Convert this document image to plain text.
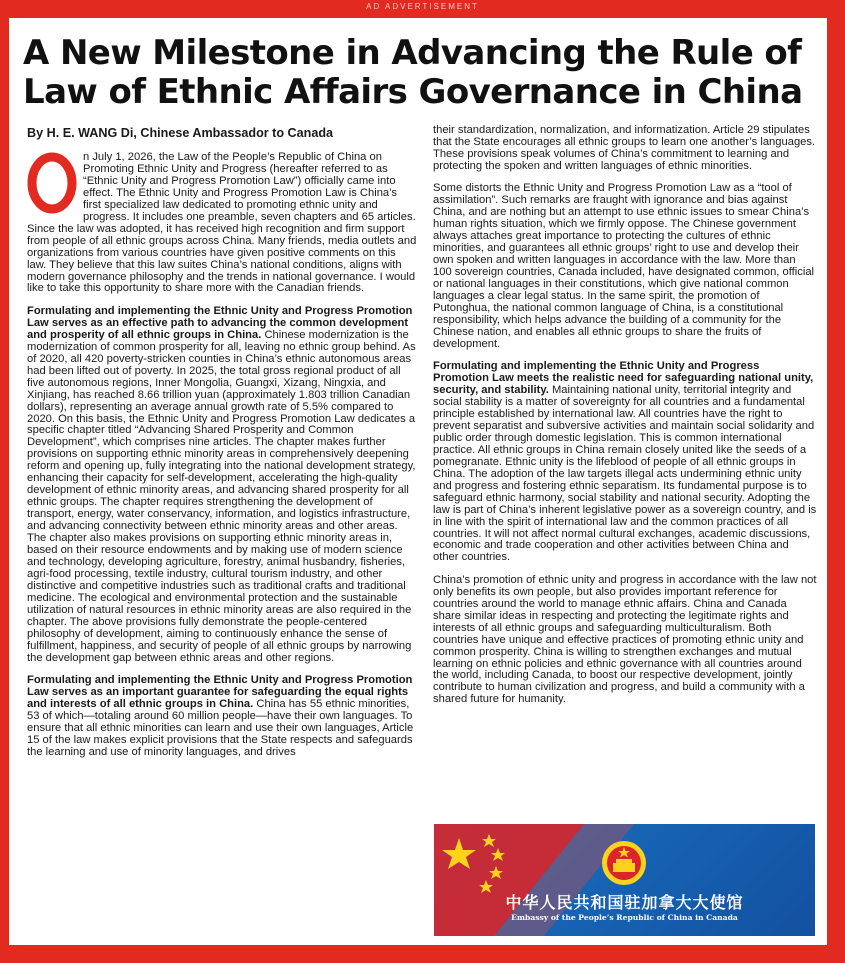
AD ADVERTISEMENT
A New Milestone in Advancing the Rule of Law of Ethnic Affairs Governance in China
By H. E. WANG Di, Chinese Ambassador to Canada

n July 1, 2026, the Law of the People’s Republic of China on Promoting Ethnic Unity and Progress (hereafter referred to as “Ethnic Unity and Progress Promotion Law”) officially came into effect. The Ethnic Unity and Progress Promotion Law is China’s first specialized law dedicated to promoting ethnic unity and progress. It includes one preamble, seven chapters and 65 articles. Since the law was adopted, it has received high recognition and firm support from people of all ethnic groups across China. Many friends, media outlets and organizations from various countries have given positive comments on this law. They believe that this law suites China’s national conditions, aligns with modern governance philosophy and the trends in national governance. I would like to take this opportunity to share more with the Canadian friends.

Formulating and implementing the Ethnic Unity and Progress Promotion Law serves as an effective path to advancing the common development and prosperity of all ethnic groups in China. Chinese modernization is the modernization of common prosperity for all, leaving no ethnic group behind. As of 2020, all 420 poverty-stricken counties in China’s ethnic autonomous areas had been lifted out of poverty. In 2025, the total gross regional product of all five autonomous regions, Inner Mongolia, Guangxi, Xizang, Ningxia, and Xinjiang, has reached 8.66 trillion yuan (approximately 1.803 trillion Canadian dollars), representing an average annual growth rate of 5.5% compared to 2020. On this basis, the Ethnic Unity and Progress Promotion Law dedicates a specific chapter titled “Advancing Shared Prosperity and Common Development”, which comprises nine articles. The chapter makes further provisions on supporting ethnic minority areas in comprehensively deepening reform and opening up, fully integrating into the national development strategy, enhancing their capacity for self-development, accelerating the high-quality development of ethnic minority areas, and advancing shared prosperity for all ethnic groups. The chapter requires strengthening the development of transport, energy, water conservancy, information, and logistics infrastructure, and advancing connectivity between ethnic minority areas and other areas. The chapter also makes provisions on supporting ethnic minority areas in, based on their resource endowments and by making use of modern science and technology, developing agriculture, forestry, animal husbandry, fisheries, agri-food processing, textile industry, cultural tourism industry, and other distinctive and competitive industries such as traditional crafts and traditional medicine. The ecological and environmental protection and the sustainable utilization of natural resources in ethnic minority areas are also required in the chapter. The above provisions fully demonstrate the people-centered philosophy of development, aiming to continuously enhance the sense of fulfillment, happiness, and security of people of all ethnic groups by narrowing the development gap between ethnic areas and other regions.

Formulating and implementing the Ethnic Unity and Progress Promotion Law serves as an important guarantee for safeguarding the equal rights and interests of all ethnic groups in China. China has 55 ethnic minorities, 53 of which—totaling around 60 million people—have their own languages. To ensure that all ethnic minorities can learn and use their own languages, Article 15 of the law makes explicit provisions that the State respects and safeguards the learning and use of minority languages, and drives

their standardization, normalization, and informatization. Article 29 stipulates that the State encourages all ethnic groups to learn one another’s languages. These provisions speak volumes of China’s commitment to learning and protecting the spoken and written languages of ethnic minorities.

Some distorts the Ethnic Unity and Progress Promotion Law as a “tool of assimilation”. Such remarks are fraught with ignorance and bias against China, and are nothing but an attempt to use ethnic issues to smear China’s human rights situation, which we firmly oppose. The Chinese government always attaches great importance to protecting the cultures of ethnic minorities, and guarantees all ethnic groups’ right to use and develop their own spoken and written languages in accordance with the law. More than 100 sovereign countries, Canada included, have designated common, official or national languages in their constitutions, which give national common languages a clear legal status. In the same spirit, the promotion of Putonghua, the national common language of China, is a constitutional responsibility, which helps advance the building of a community for the Chinese nation, and enables all ethnic groups to share the fruits of development.

Formulating and implementing the Ethnic Unity and Progress Promotion Law meets the realistic need for safeguarding national unity, security, and stability. Maintaining national unity, territorial integrity and social stability is a matter of sovereignty for all countries and a fundamental principle established by international law. All countries have the right to prevent separatist and subversive activities and maintain social solidarity and public order through domestic legislation. This is common international practice. All ethnic groups in China remain closely united like the seeds of a pomegranate. Ethnic unity is the lifeblood of people of all ethnic groups in China. The adoption of the law targets illegal acts undermining ethnic unity and progress and fostering ethnic separatism. Its fundamental purpose is to safeguard ethnic harmony, social stability and national security. Adopting the law is part of China’s inherent legislative power as a sovereign country, and is in line with the spirit of international law and the common practices of all countries. It will not affect normal cultural exchanges, academic discussions, economic and trade cooperation and other activities between China and other countries.

China’s promotion of ethnic unity and progress in accordance with the law not only benefits its own people, but also provides important reference for countries around the world to manage ethnic affairs. China and Canada share similar ideas in respecting and protecting the legitimate rights and interests of all ethnic groups and safeguarding multiculturalism. Both countries have unique and effective practices of promoting ethnic unity and common prosperity. China is willing to strengthen exchanges and mutual learning on ethnic policies and ethnic governance with all countries around the world, including Canada, to boost our respective development, jointly contribute to human civilization and progress, and build a community with a shared future for humanity.

中华人民共和国驻加拿大大使馆
Embassy of the People’s Republic of China in Canada
